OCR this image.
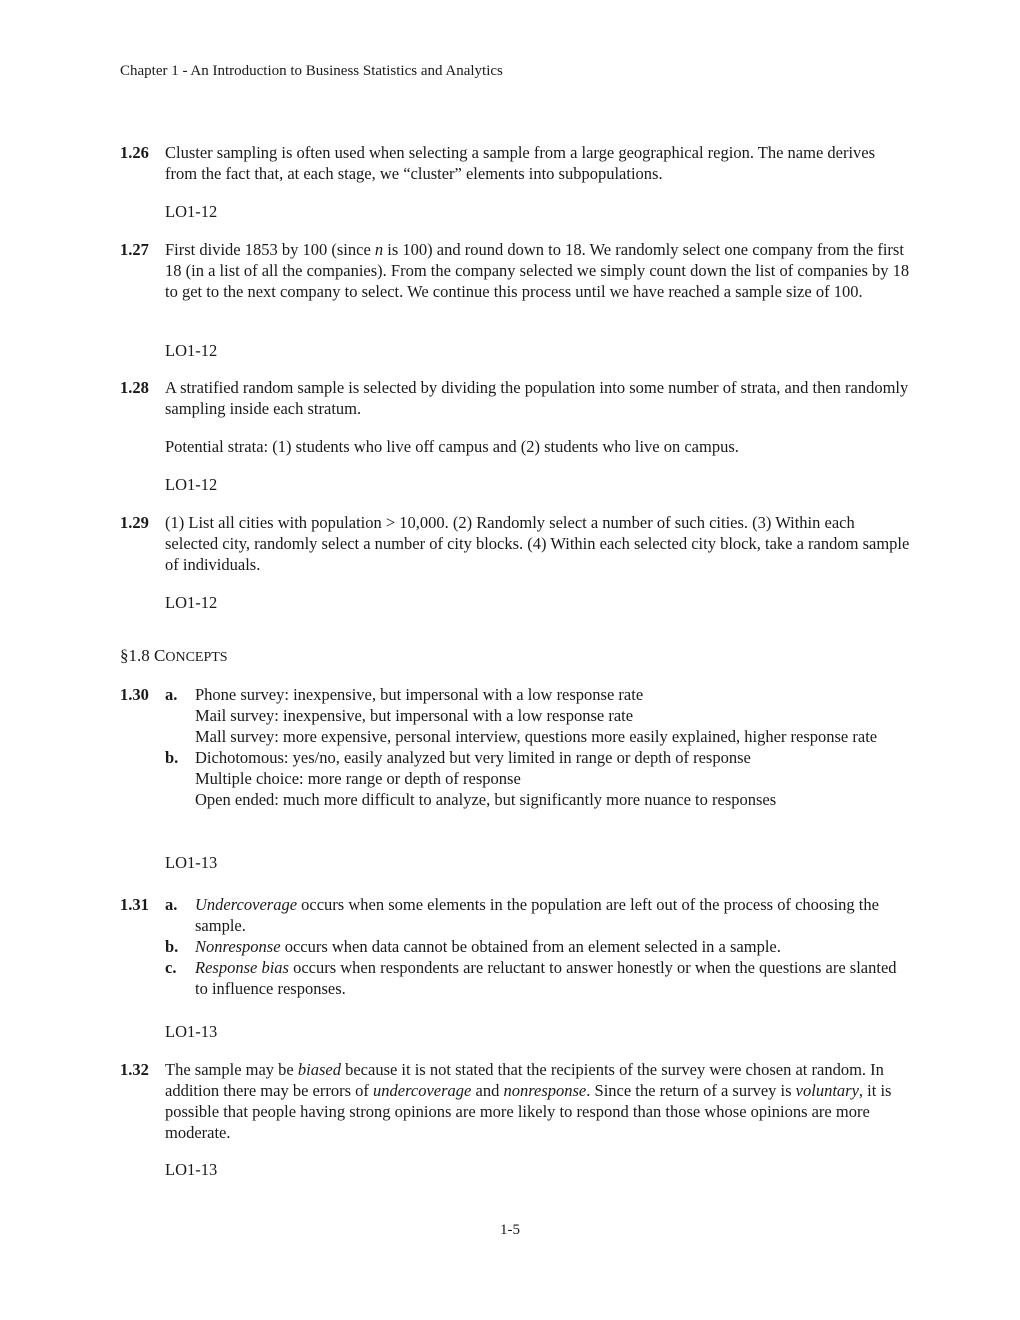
Chapter 1 - An Introduction to Business Statistics and Analytics
1.26 Cluster sampling is often used when selecting a sample from a large geographical region. The name derives from the fact that, at each stage, we “cluster” elements into subpopulations.
LO1-12
1.27 First divide 1853 by 100 (since n is 100) and round down to 18. We randomly select one company from the first 18 (in a list of all the companies). From the company selected we simply count down the list of companies by 18 to get to the next company to select. We continue this process until we have reached a sample size of 100.
LO1-12
1.28 A stratified random sample is selected by dividing the population into some number of strata, and then randomly sampling inside each stratum.
Potential strata: (1) students who live off campus and (2) students who live on campus.
LO1-12
1.29 (1) List all cities with population > 10,000. (2) Randomly select a number of such cities. (3) Within each selected city, randomly select a number of city blocks. (4) Within each selected city block, take a random sample of individuals.
LO1-12
§1.8 CONCEPTS
1.30 a. Phone survey: inexpensive, but impersonal with a low response rate
Mail survey: inexpensive, but impersonal with a low response rate
Mall survey: more expensive, personal interview, questions more easily explained, higher response rate
b. Dichotomous: yes/no, easily analyzed but very limited in range or depth of response
Multiple choice: more range or depth of response
Open ended: much more difficult to analyze, but significantly more nuance to responses
LO1-13
1.31 a. Undercoverage occurs when some elements in the population are left out of the process of choosing the sample.
b. Nonresponse occurs when data cannot be obtained from an element selected in a sample.
c. Response bias occurs when respondents are reluctant to answer honestly or when the questions are slanted to influence responses.
LO1-13
1.32 The sample may be biased because it is not stated that the recipients of the survey were chosen at random. In addition there may be errors of undercoverage and nonresponse. Since the return of a survey is voluntary, it is possible that people having strong opinions are more likely to respond than those whose opinions are more moderate.
LO1-13
1-5
